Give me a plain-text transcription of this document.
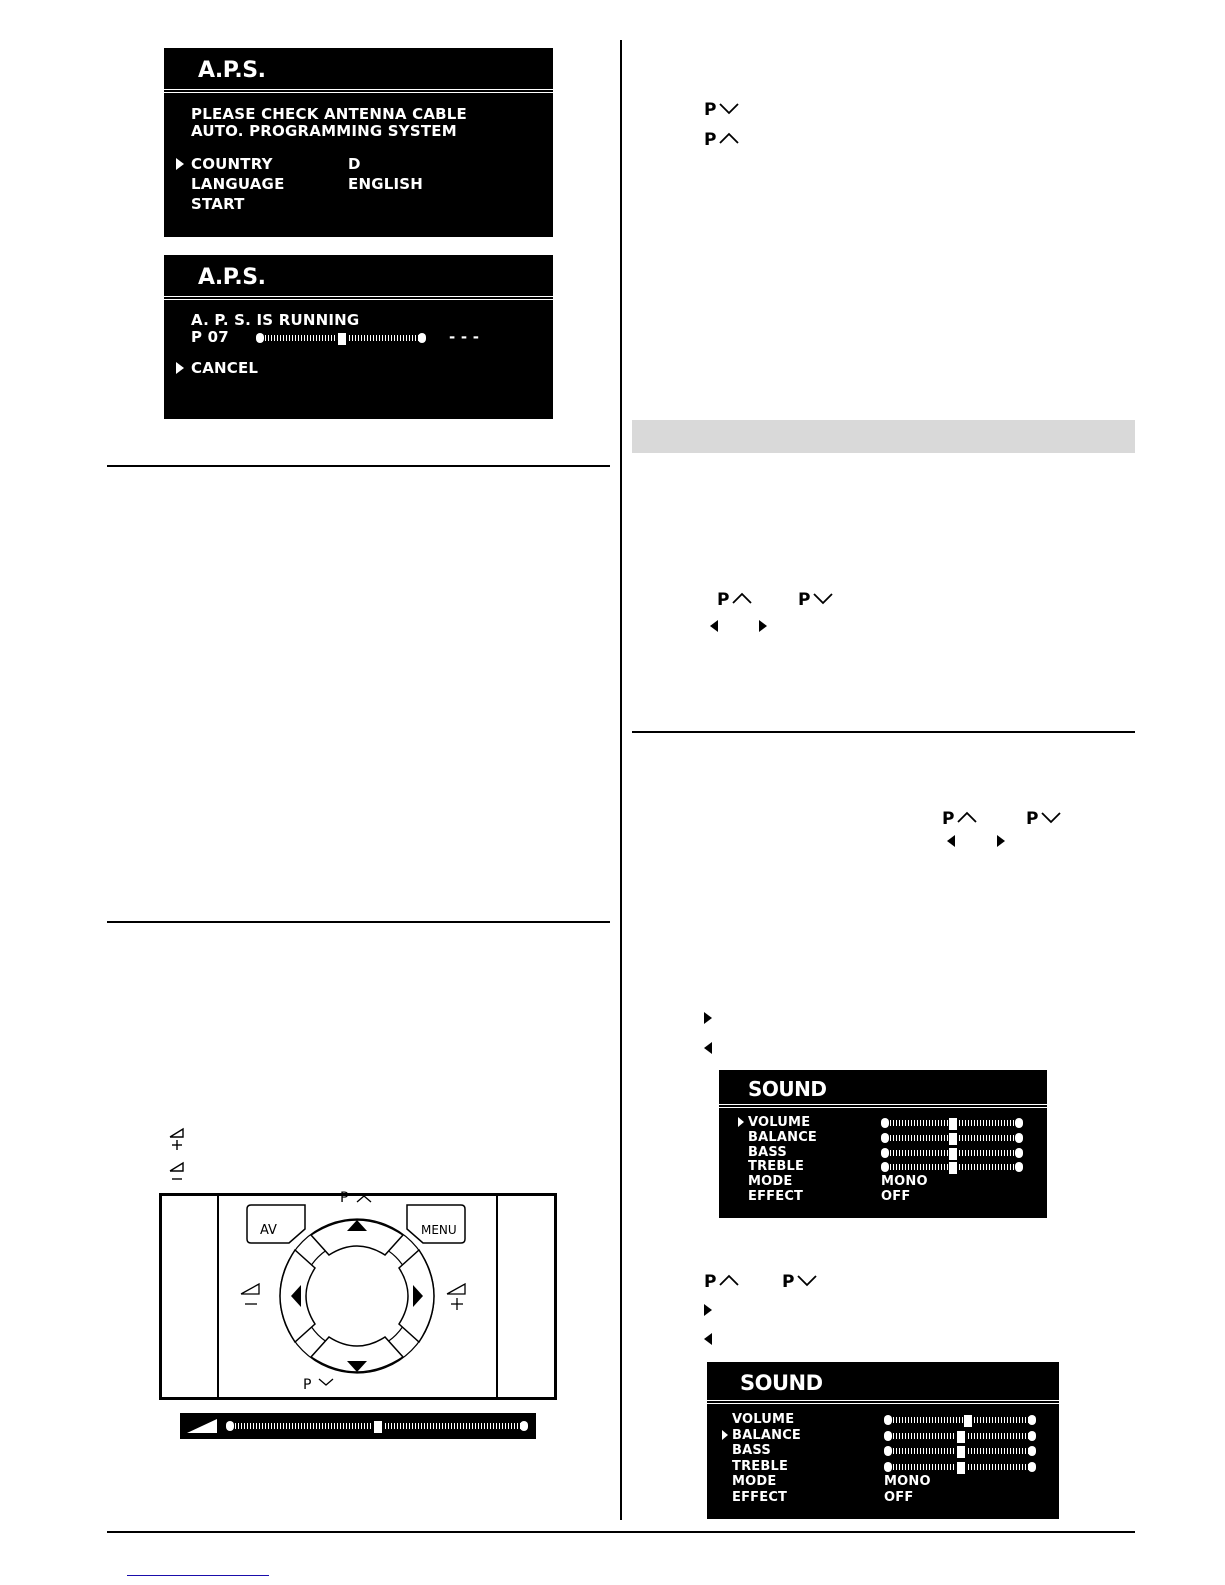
A.P.S.
PLEASE CHECK ANTENNA CABLE
AUTO. PROGRAMMING SYSTEM
COUNTRY	D
LANGUAGE	ENGLISH
START
A.P.S.
A. P. S. IS RUNNING
P 07	- - -
CANCEL
P
P
P	P
P	P
SOUND
VOLUME
BALANCE
BASS
TREBLE
MODE	MONO
EFFECT	OFF
P	P
SOUND
VOLUME
BALANCE
BASS
TREBLE
MODE	MONO
EFFECT	OFF
AV	MENU
P
P
